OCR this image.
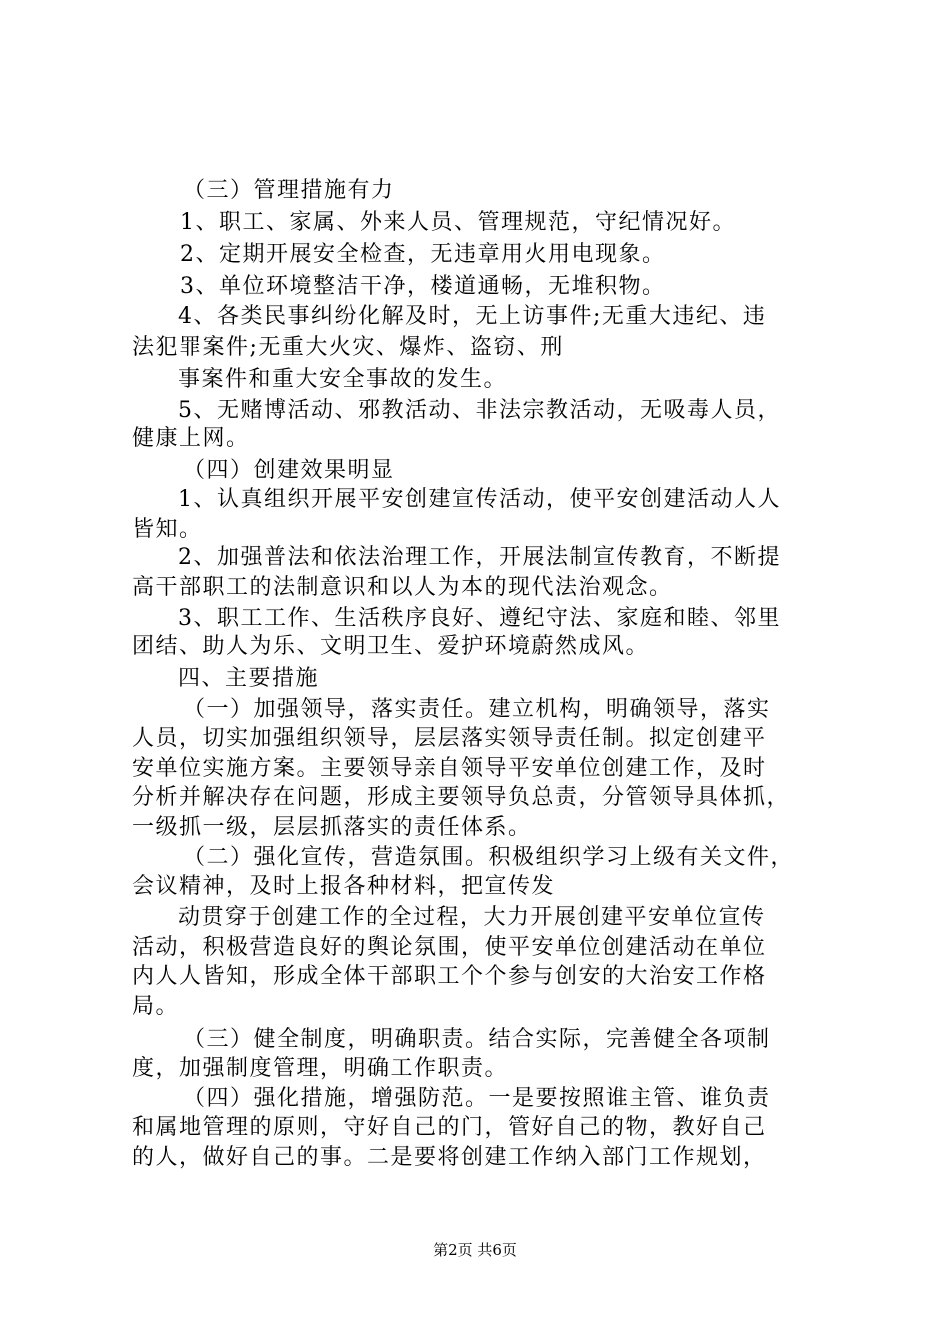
（三）管理措施有力
1、职工、家属、外来人员、管理规范，守纪情况好。
2、定期开展安全检查，无违章用火用电现象。
3、单位环境整洁干净，楼道通畅，无堆积物。
4、各类民事纠纷化解及时，无上访事件;无重大违纪、违
法犯罪案件;无重大火灾、爆炸、盗窃、刑
事案件和重大安全事故的发生。
5、无赌博活动、邪教活动、非法宗教活动，无吸毒人员，
健康上网。
（四）创建效果明显
1、认真组织开展平安创建宣传活动，使平安创建活动人人
皆知。
2、加强普法和依法治理工作，开展法制宣传教育，不断提
高干部职工的法制意识和以人为本的现代法治观念。
3、职工工作、生活秩序良好、遵纪守法、家庭和睦、邻里
团结、助人为乐、文明卫生、爱护环境蔚然成风。
四、主要措施
（一）加强领导，落实责任。建立机构，明确领导，落实
人员，切实加强组织领导，层层落实领导责任制。拟定创建平
安单位实施方案。主要领导亲自领导平安单位创建工作，及时
分析并解决存在问题，形成主要领导负总责，分管领导具体抓，
一级抓一级，层层抓落实的责任体系。
（二）强化宣传，营造氛围。积极组织学习上级有关文件，
会议精神，及时上报各种材料，把宣传发
动贯穿于创建工作的全过程，大力开展创建平安单位宣传
活动，积极营造良好的舆论氛围，使平安单位创建活动在单位
内人人皆知，形成全体干部职工个个参与创安的大治安工作格
局。
（三）健全制度，明确职责。结合实际，完善健全各项制
度，加强制度管理，明确工作职责。
（四）强化措施，增强防范。一是要按照谁主管、谁负责
和属地管理的原则，守好自己的门，管好自己的物，教好自己
的人，做好自己的事。二是要将创建工作纳入部门工作规划，
第2页 共6页
